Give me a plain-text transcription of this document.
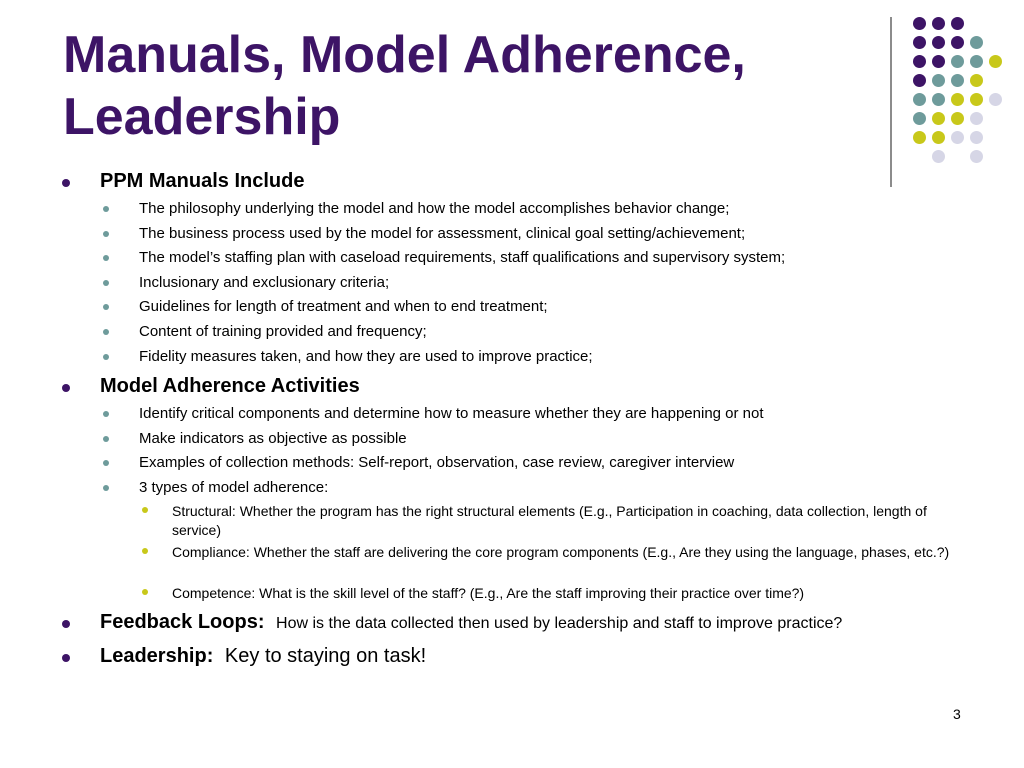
Manuals, Model Adherence,
Leadership
PPM Manuals Include
The philosophy underlying the model and how the model accomplishes behavior change;
The business process used by the model for assessment, clinical goal setting/achievement;
The model’s staffing plan with caseload requirements, staff qualifications and supervisory system;
Inclusionary and exclusionary criteria;
Guidelines for length of treatment and when to end treatment;
Content of training provided and frequency;
Fidelity measures taken, and how they are used to improve practice;
Model Adherence Activities
Identify critical components and determine how to measure whether they are happening or not
Make indicators as objective as possible
Examples of collection methods: Self-report, observation, case review, caregiver interview
3 types of model adherence:
Structural: Whether the program has the right structural elements (E.g., Participation in coaching, data collection, length of service)
Compliance: Whether the staff are delivering the core program components (E.g., Are they using the language, phases, etc.?)
Competence: What is the skill level of the staff? (E.g., Are the staff improving their practice over time?)
Feedback Loops: How is the data collected then used by leadership and staff to improve practice?
Leadership: Key to staying on task!
3
